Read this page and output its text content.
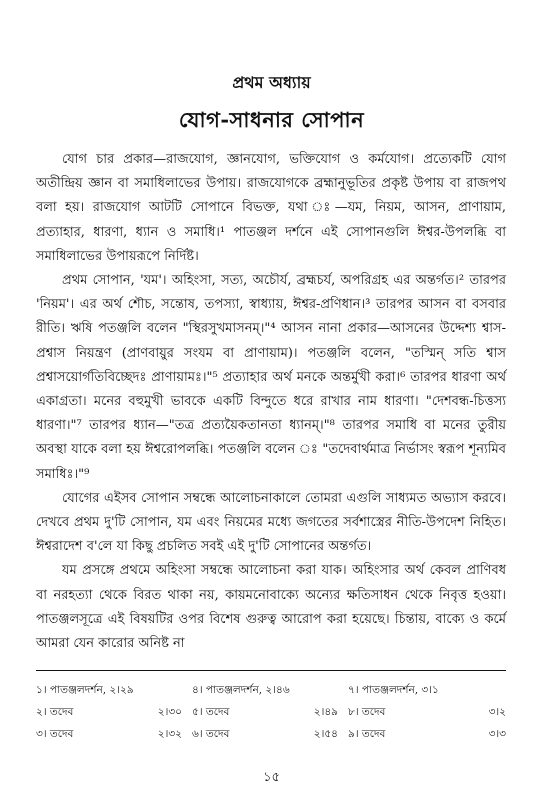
প্রথম অধ্যায়
যোগ-সাধনার সোপান

যোগ চার প্রকার—রাজযোগ, জ্ঞানযোগ, ভক্তিযোগ ও কর্মযোগ। প্রত্যেকটি যোগ অতীন্দ্রিয় জ্ঞান বা সমাধিলাভের উপায়। রাজযোগকে ব্রহ্মানুভূতির প্রকৃষ্ট উপায় বা রাজপথ বলা হয়। রাজযোগ আটটি সোপানে বিভক্ত, যথা ঃ—যম, নিয়ম, আসন, প্রাণায়াম, প্রত্যাহার, ধারণা, ধ্যান ও সমাধি।¹ পাতঞ্জল দর্শনে এই সোপানগুলি ঈশ্বর-উপলব্ধি বা সমাধিলাভের উপায়রূপে নির্দিষ্ট।

প্রথম সোপান, 'যম'। অহিংসা, সত্য, অচৌর্য, ব্রহ্মচর্য, অপরিগ্রহ এর অন্তর্গত।² তারপর 'নিয়ম'। এর অর্থ শৌচ, সন্তোষ, তপস্যা, স্বাধ্যায়, ঈশ্বর-প্রণিধান।³ তারপর আসন বা বসবার রীতি। ঋষি পতঞ্জলি বলেন "স্থিরসুখমাসনম্‌।"⁴ আসন নানা প্রকার—আসনের উদ্দেশ্য শ্বাস-প্রশ্বাস নিয়ন্ত্রণ (প্রাণবায়ুর সংযম বা প্রাণায়াম)। পতঞ্জলি বলেন, "তস্মিন্‌ সতি শ্বাস প্রশ্বাসয়োর্গতিবিচ্ছেদঃ প্রাণায়ামঃ।"⁵ প্রত্যাহার অর্থ মনকে অন্তর্মুখী করা।⁶ তারপর ধারণা অর্থ একাগ্রতা। মনের বহুমুখী ভাবকে একটি বিন্দুতে ধরে রাখার নাম ধারণা। "দেশবন্ধ-চিত্তস্য ধারণা।"⁷ তারপর ধ্যান—"তত্র প্রত্যয়ৈকতানতা ধ্যানম্‌।"⁸ তারপর সমাধি বা মনের তুরীয় অবস্থা যাকে বলা হয় ঈশ্বরোপলব্ধি। পতঞ্জলি বলেন ঃ "তদেবার্থমাত্র নির্ভাসং স্বরূপ শূন্যমিব সমাধিঃ।"⁹

যোগের এইসব সোপান সম্বন্ধে আলোচনাকালে তোমরা এগুলি সাধ্যমত অভ্যাস করবে। দেখবে প্রথম দু'টি সোপান, যম এবং নিয়মের মধ্যে জগতের সর্বশাস্ত্রের নীতি-উপদেশ নিহিত। ঈশ্বরাদেশ ব'লে যা কিছু প্রচলিত সবই এই দু'টি সোপানের অন্তর্গত।

যম প্রসঙ্গে প্রথমে অহিংসা সম্বন্ধে আলোচনা করা যাক। অহিংসার অর্থ কেবল প্রাণিবধ বা নরহত্যা থেকে বিরত থাকা নয়, কায়মনোবাক্যে অন্যের ক্ষতিসাধন থেকে নিবৃত্ত হওয়া। পাতঞ্জলসূত্রে এই বিষয়টির ওপর বিশেষ গুরুত্ব আরোপ করা হয়েছে। চিন্তায়, বাক্যে ও কর্মে আমরা যেন কারোর অনিষ্ট না

১। পাতঞ্জলদর্শন, ২।২৯	৪। পাতঞ্জলদর্শন, ২।৪৬	৭। পাতঞ্জলদর্শন, ৩।১
২। তদেব	২।৩০ ৫। তদেব	২।৪৯ ৮। তদেব	৩।২
৩। তদেব	২।৩২ ৬। তদেব	২।৫৪ ৯। তদেব	৩।৩
১৫
